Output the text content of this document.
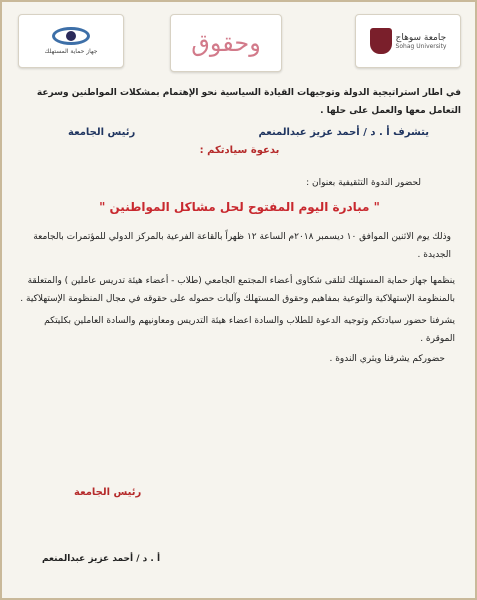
جهاز حماية المستهلك	وحقوق	جامعة سوهاج
Sohag University

في اطار استراتيجية الدولة وتوجيهات القيادة السياسية نحو الإهتمام بمشكلات المواطنين وسرعة التعامل معها والعمل على حلها .

يتشرف أ . د / أحمد عزيز عبدالمنعم
رئيس الجامعة

بدعوة سيادتكم :

لحضور الندوة التثقيفية بعنوان :

" مبادرة اليوم المفتوح لحل مشاكل المواطنين "

وذلك يوم الاثنين الموافق ١٠ ديسمبر ٢٠١٨م الساعة ١٢ ظهراً بالقاعة الفرعية بالمركز الدولي للمؤتمرات بالجامعة الجديدة .

ينظمها جهاز حماية المستهلك لتلقى شكاوى أعضاء المجتمع الجامعي (طلاب - أعضاء هيئة تدريس عاملين ) والمتعلقة بالمنظومة الإستهلاكية والتوعية بمفاهيم وحقوق المستهلك وآليات حصوله على حقوقه في مجال المنظومة الإستهلاكية .

يشرفنا حضور سيادتكم وتوجيه الدعوة للطلاب والسادة اعضاء هيئة التدريس ومعاونيهم والسادة العاملين بكليتكم الموقرة .

حضوركم يشرفنا ويثري الندوة .

رئيس الجامعة
أ . د / أحمد عزيز عبدالمنعم
